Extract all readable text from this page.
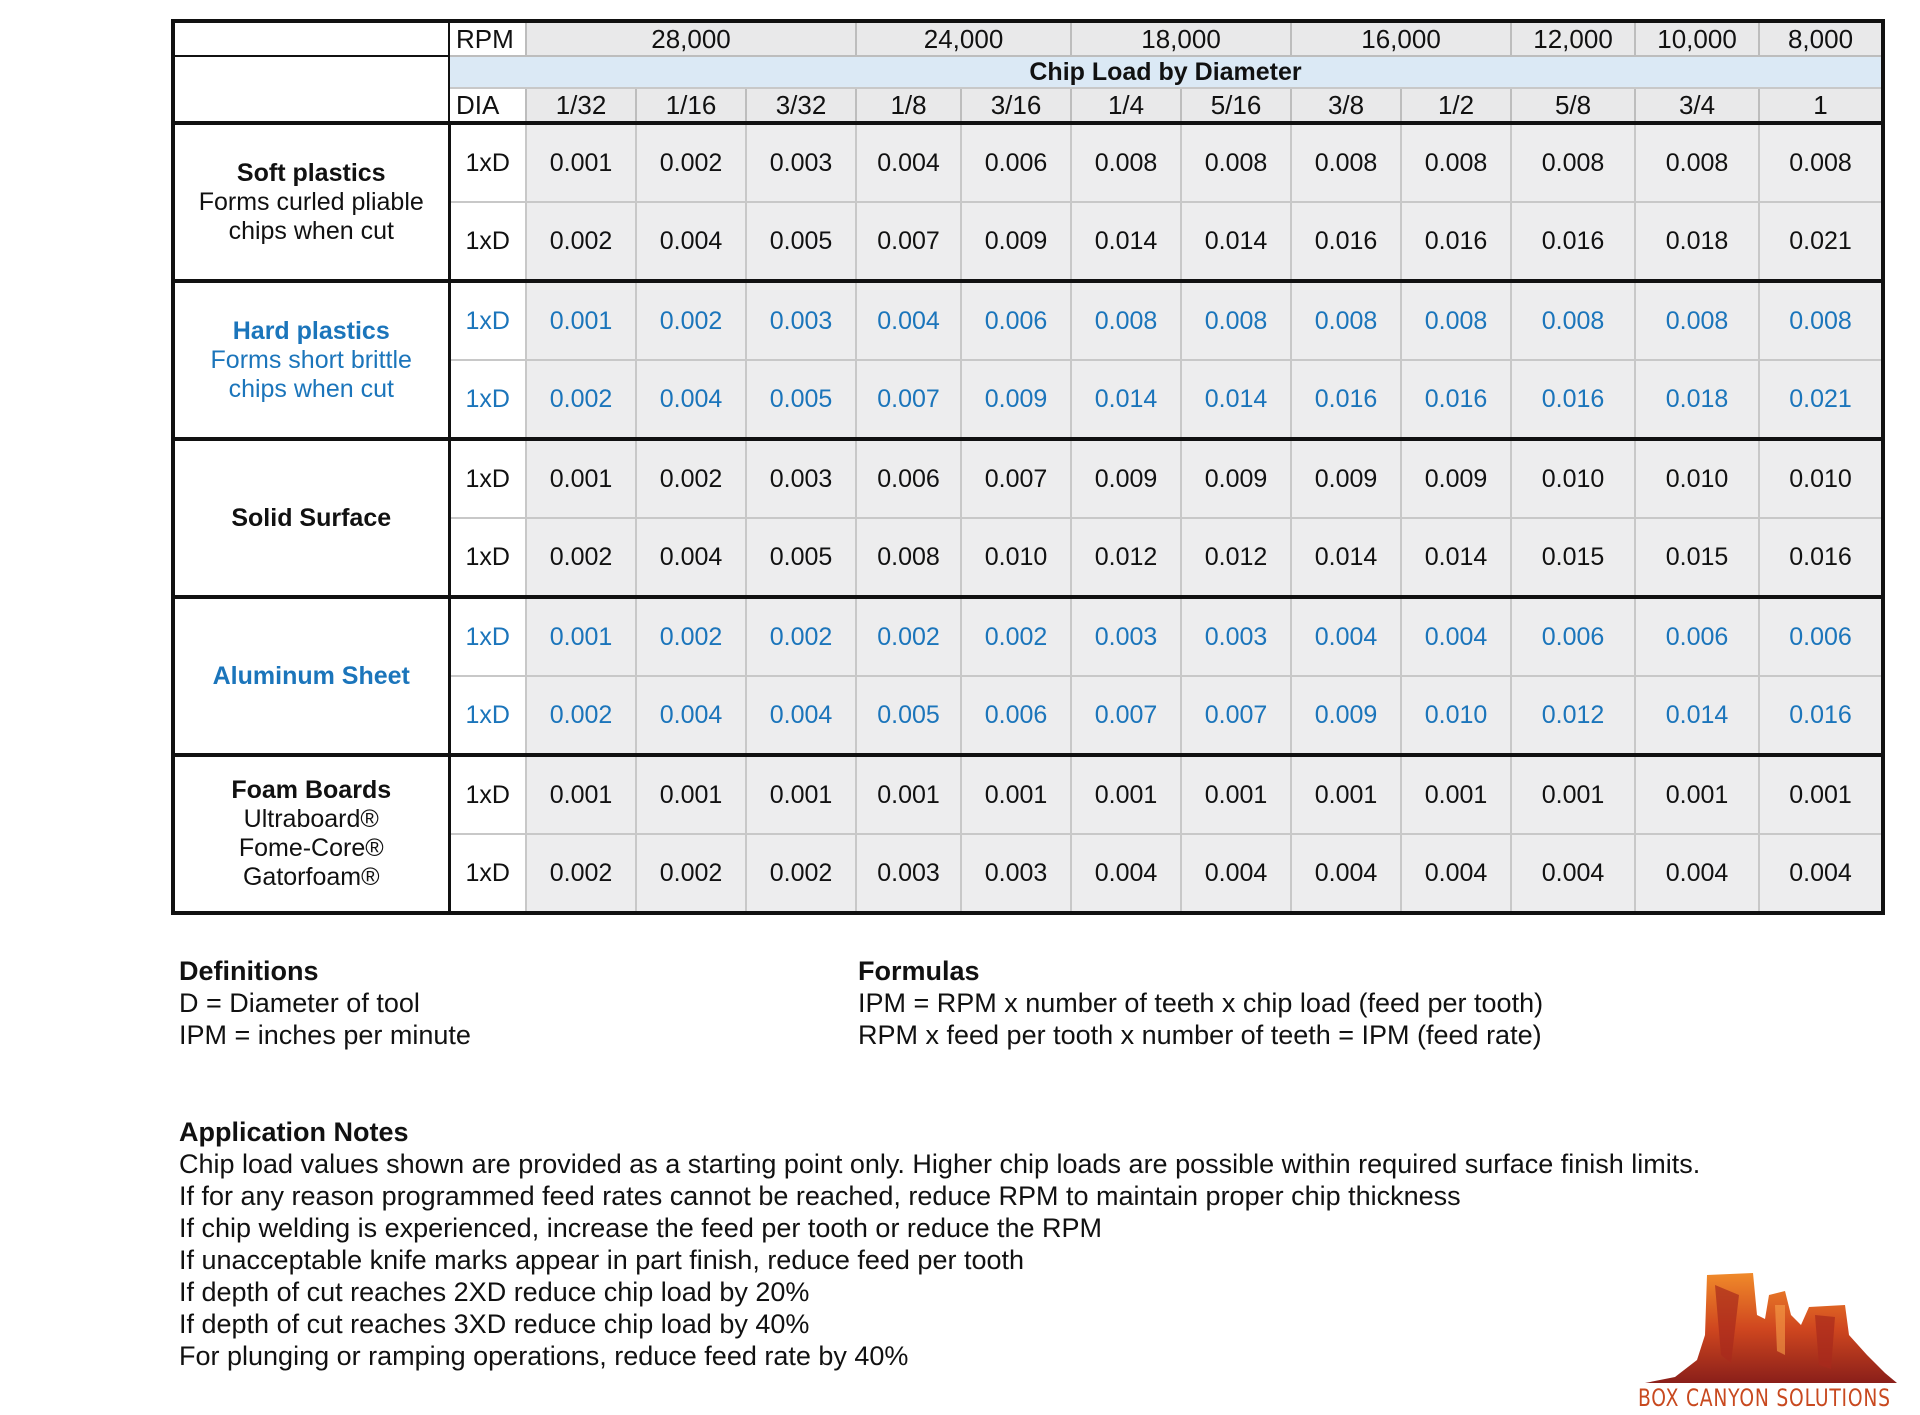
	RPM	28,000			24,000		18,000		16,000		12,000	10,000	8,000
	Chip Load by Diameter												
	DIA	1/32	1/16	3/32	1/8	3/16	1/4	5/16	3/8	1/2	5/8	3/4	1

Soft plastics
Forms curled pliable
chips when cut	1xD	0.001	0.002	0.003	0.004	0.006	0.008	0.008	0.008	0.008	0.008	0.008	0.008
	1xD	0.002	0.004	0.005	0.007	0.009	0.014	0.014	0.016	0.016	0.016	0.018	0.021

Hard plastics
Forms short brittle
chips when cut	1xD	0.001	0.002	0.003	0.004	0.006	0.008	0.008	0.008	0.008	0.008	0.008	0.008
	1xD	0.002	0.004	0.005	0.007	0.009	0.014	0.014	0.016	0.016	0.016	0.018	0.021

Solid Surface	1xD	0.001	0.002	0.003	0.006	0.007	0.009	0.009	0.009	0.009	0.010	0.010	0.010
	1xD	0.002	0.004	0.005	0.008	0.010	0.012	0.012	0.014	0.014	0.015	0.015	0.016

Aluminum Sheet	1xD	0.001	0.002	0.002	0.002	0.002	0.003	0.003	0.004	0.004	0.006	0.006	0.006
	1xD	0.002	0.004	0.004	0.005	0.006	0.007	0.007	0.009	0.010	0.012	0.014	0.016

Foam Boards
Ultraboard®
Fome-Core®
Gatorfoam®	1xD	0.001	0.001	0.001	0.001	0.001	0.001	0.001	0.001	0.001	0.001	0.001	0.001
	1xD	0.002	0.002	0.002	0.003	0.003	0.004	0.004	0.004	0.004	0.004	0.004	0.004
Definitions
D = Diameter of tool
IPM = inches per minute
Formulas
IPM = RPM x number of teeth x chip load (feed per tooth)
RPM x feed per tooth x number of teeth = IPM (feed rate)
Application Notes
Chip load values shown are provided as a starting point only. Higher chip loads are possible within required surface finish limits.
If for any reason programmed feed rates cannot be reached, reduce RPM to maintain proper chip thickness
If chip welding is experienced, increase the feed per tooth or reduce the RPM
If unacceptable knife marks appear in part finish, reduce feed per tooth
If depth of cut reaches 2XD reduce chip load by 20%
If depth of cut reaches 3XD reduce chip load by 40%
For plunging or ramping operations, reduce feed rate by 40%
BOX CANYON SOLUTIONS
